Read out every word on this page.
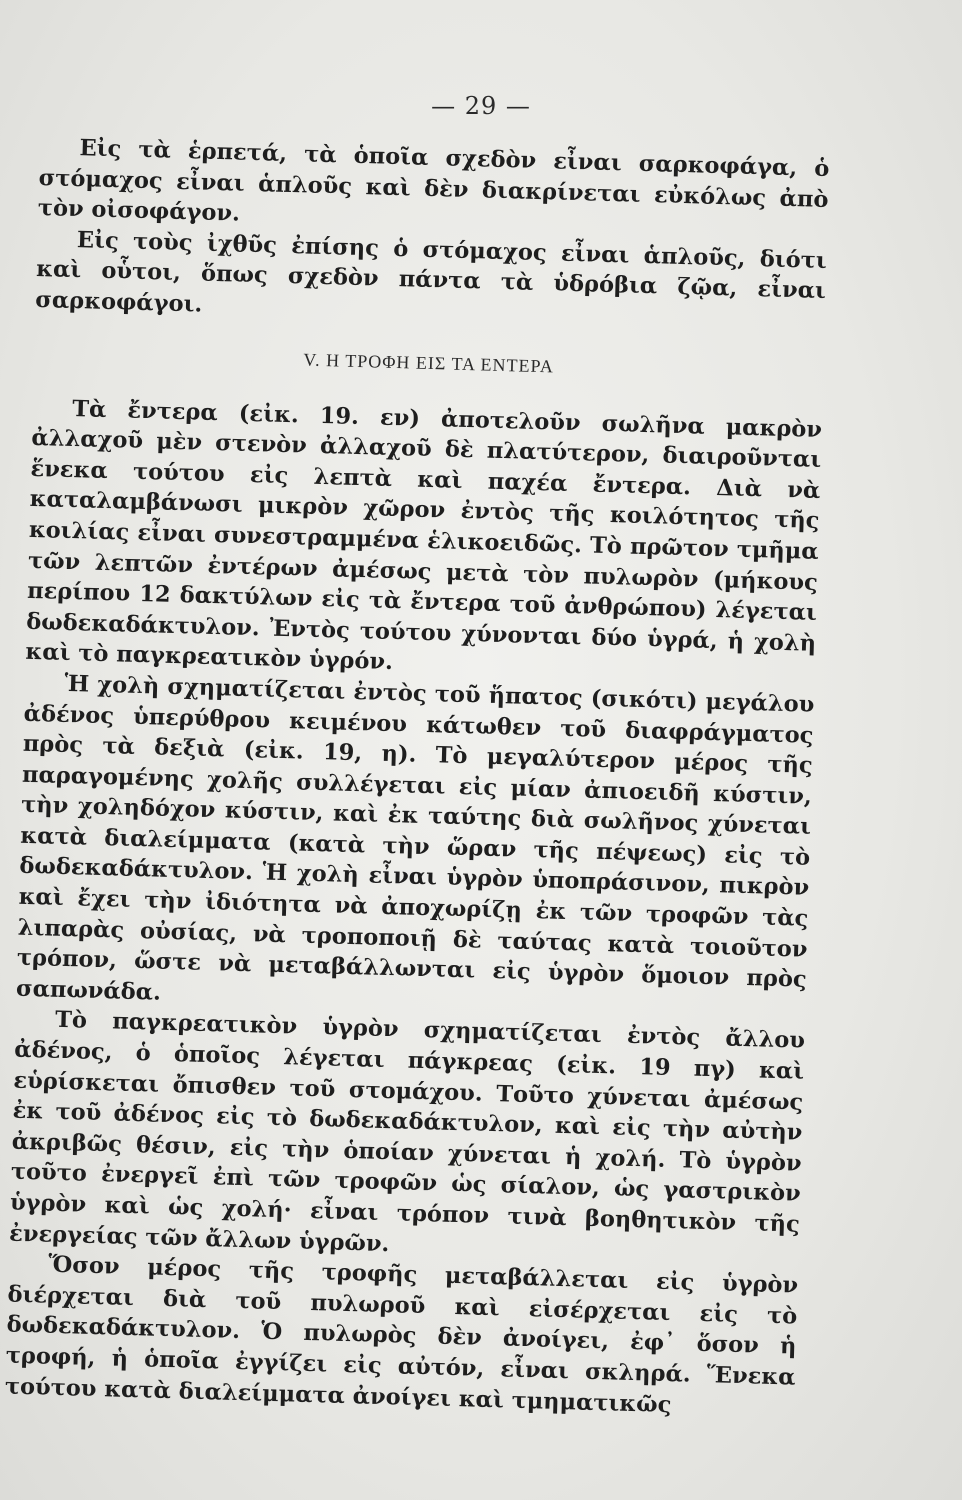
— 29 —

Εἰς τὰ ἑρπετά, τὰ ὁποῖα σχεδὸν εἶναι σαρκοφάγα, ὁ στόμαχος εἶναι ἁπλοῦς καὶ δὲν διακρίνεται εὐκόλως ἀπὸ τὸν οἰσοφάγον.

Εἰς τοὺς ἰχθῦς ἐπίσης ὁ στόμαχος εἶναι ἁπλοῦς, διότι καὶ οὗτοι, ὅπως σχεδὸν πάντα τὰ ὑδρόβια ζῷα, εἶναι σαρκοφάγοι.

V. Η ΤΡΟΦΗ ΕΙΣ ΤΑ ΕΝΤΕΡΑ

Τὰ ἔντερα (εἰκ. 19. εν) ἀποτελοῦν σωλῆνα μακρὸν ἀλλαχοῦ μὲν στενὸν ἀλλαχοῦ δὲ πλατύτερον, διαιροῦνται ἕνεκα τούτου εἰς λεπτὰ καὶ παχέα ἔντερα. Διὰ νὰ καταλαμβάνωσι μικρὸν χῶρον ἐντὸς τῆς κοιλότητος τῆς κοιλίας εἶναι συνεστραμμένα ἑλικοειδῶς. Τὸ πρῶτον τμῆμα τῶν λεπτῶν ἐντέρων ἀμέσως μετὰ τὸν πυλωρὸν (μήκους περίπου 12 δακτύλων εἰς τὰ ἔντερα τοῦ ἀνθρώπου) λέγεται δωδεκαδάκτυλον. Ἐντὸς τούτου χύνονται δύο ὑγρά, ἡ χολὴ καὶ τὸ παγκρεατικὸν ὑγρόν.

Ἡ χολὴ σχηματίζεται ἐντὸς τοῦ ἥπατος (σικότι) μεγάλου ἀδένος ὑπερύθρου κειμένου κάτωθεν τοῦ διαφράγματος πρὸς τὰ δεξιὰ (εἰκ. 19, η). Τὸ μεγαλύτερον μέρος τῆς παραγομένης χολῆς συλλέγεται εἰς μίαν ἀπιοειδῆ κύστιν, τὴν χοληδόχον κύστιν, καὶ ἐκ ταύτης διὰ σωλῆνος χύνεται κατὰ διαλείμματα (κατὰ τὴν ὥραν τῆς πέψεως) εἰς τὸ δωδεκαδάκτυλον. Ἡ χολὴ εἶναι ὑγρὸν ὑποπράσινον, πικρὸν καὶ ἔχει τὴν ἰδιότητα νὰ ἀποχωρίζῃ ἐκ τῶν τροφῶν τὰς λιπαρὰς οὐσίας, νὰ τροποποιῇ δὲ ταύτας κατὰ τοιοῦτον τρόπον, ὥστε νὰ μεταβάλλωνται εἰς ὑγρὸν ὅμοιον πρὸς σαπωνάδα.

Τὸ παγκρεατικὸν ὑγρὸν σχηματίζεται ἐντὸς ἄλλου ἀδένος, ὁ ὁποῖος λέγεται πάγκρεας (εἰκ. 19 πγ) καὶ εὑρίσκεται ὄπισθεν τοῦ στομάχου. Τοῦτο χύνεται ἀμέσως ἐκ τοῦ ἀδένος εἰς τὸ δωδεκαδάκτυλον, καὶ εἰς τὴν αὐτὴν ἀκριβῶς θέσιν, εἰς τὴν ὁποίαν χύνεται ἡ χολή. Τὸ ὑγρὸν τοῦτο ἐνεργεῖ ἐπὶ τῶν τροφῶν ὡς σίαλον, ὡς γαστρικὸν ὑγρὸν καὶ ὡς χολή· εἶναι τρόπον τινὰ βοηθητικὸν τῆς ἐνεργείας τῶν ἄλλων ὑγρῶν.

Ὅσον μέρος τῆς τροφῆς μεταβάλλεται εἰς ὑγρὸν διέρχεται διὰ τοῦ πυλωροῦ καὶ εἰσέρχεται εἰς τὸ δωδεκαδάκτυλον. Ὁ πυλωρὸς δὲν ἀνοίγει, ἐφ᾽ ὅσον ἡ τροφή, ἡ ὁποῖα ἐγγίζει εἰς αὐτόν, εἶναι σκληρά. Ἕνεκα τούτου κατὰ διαλείμματα ἀνοίγει καὶ τμηματικῶς
